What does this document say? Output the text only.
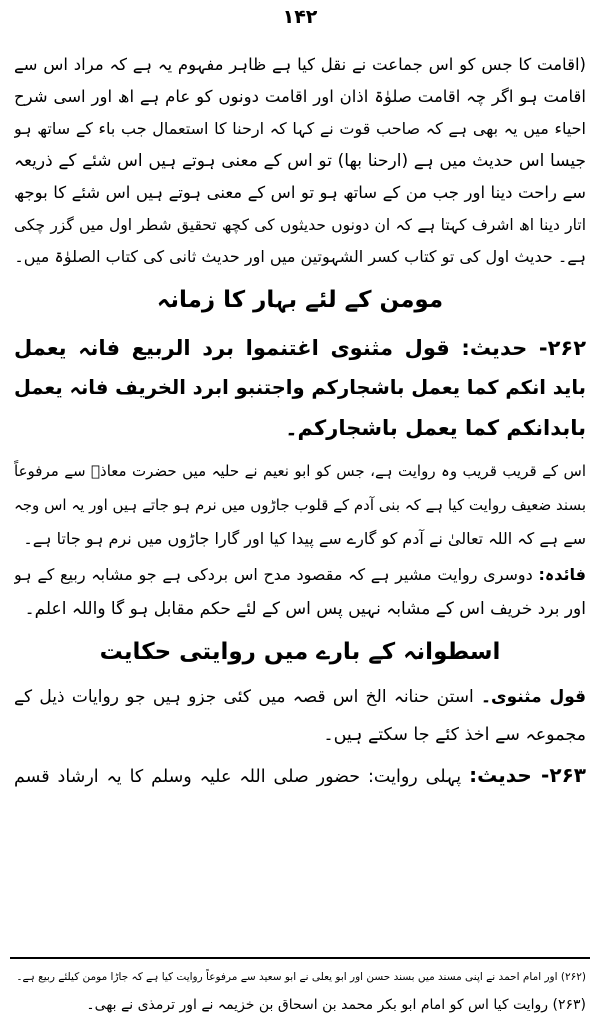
۱۴۲
(اقامت کا جس کو اس جماعت نے نقل کیا ہے ظاہر مفہوم یہ ہے کہ مراد اس سے
اقامت ہو اگر چہ اقامت صلوٰۃ اذان اور اقامت دونوں کو عام ہے اھ اور اسی شرح
احیاء میں یہ بھی ہے کہ صاحب قوت نے کہا کہ ارحنا کا استعمال جب باء کے ساتھ ہو
جیسا اس حدیث میں ہے (ارحنا بھا) تو اس کے معنی ہوتے ہیں اس شئے کے ذریعہ
سے راحت دینا اور جب من کے ساتھ ہو تو اس کے معنی ہوتے ہیں اس شئے کا بوجھ
اتار دینا اھ اشرف کہتا ہے کہ ان دونوں حدیثوں کی کچھ تحقیق شطر اول میں گزر چکی
ہے۔ حدیث اول کی تو کتاب کسر الشہوتین میں اور حدیث ثانی کی کتاب الصلوٰۃ میں۔
مومن کے لئے بہار کا زمانہ
۲۶۲- حدیث: قول مثنوی اغتنموا برد الربیع فانہ یعمل
باید انکم کما یعمل باشجارکم واجتنبو ابرد الخریف فانہ یعمل
بابدانکم کما یعمل باشجارکم۔
اس کے قریب قریب وہ روایت ہے، جس کو ابو نعیم نے حلیہ میں حضرت معاذؓ سے مرفوعاً
بسند ضعیف روایت کیا ہے کہ بنی آدم کے قلوب جاڑوں میں نرم ہو جاتے ہیں اور یہ اس وجہ
سے ہے کہ اللہ تعالیٰ نے آدم کو گارے سے پیدا کیا اور گارا جاڑوں میں نرم ہو جاتا ہے۔
فائدہ: دوسری روایت مشیر ہے کہ مقصود مدح اس بردکی ہے جو مشابہ ربیع کے ہو
اور برد خریف اس کے مشابہ نہیں پس اس کے لئے حکم مقابل ہو گا واللہ اعلم۔
اسطوانہ کے بارے میں روایتی حکایت
قول مثنوی۔ استن حنانہ الخ اس قصہ میں کئی جزو ہیں جو روایات ذیل کے
مجموعہ سے اخذ کئے جا سکتے ہیں۔
۲۶۳- حدیث: پہلی روایت: حضور صلی اللہ علیہ وسلم کا یہ ارشاد قسم
(۲۶۲) اور امام احمد نے اپنی مسند میں بسند حسن اور ابو یعلی نے ابو سعید سے مرفوعاً روایت کیا ہے کہ جاڑا مومن کیلئے ربیع ہے۔
(۲۶۳) روایت کیا اس کو امام ابو بکر محمد بن اسحاق بن خزیمہ نے اور ترمذی نے بھی۔
